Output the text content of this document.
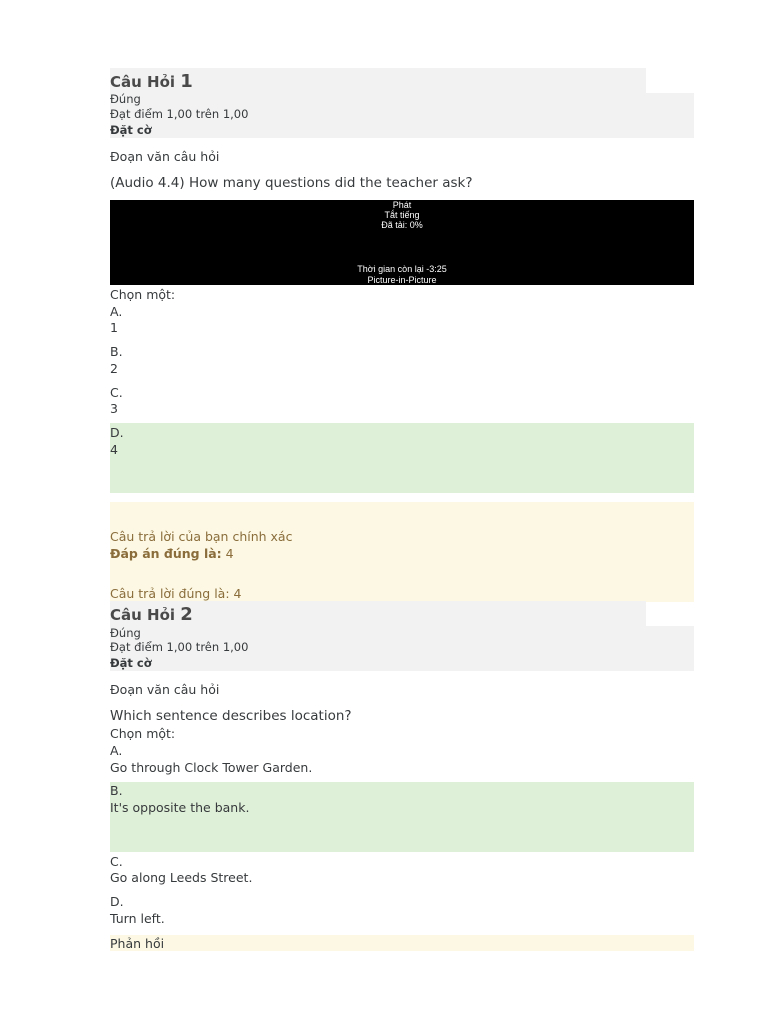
Câu Hỏi 1
Đúng
Đạt điểm 1,00 trên 1,00
Đặt cờ
Đoạn văn câu hỏi
(Audio 4.4) How many questions did the teacher ask?
Phát
Tắt tiếng
Đã tải: 0%
Thời gian còn lại -3:25
Picture-in-Picture
Chọn một:
A.
1
B.
2
C.
3
D.
4
Câu trả lời của bạn chính xác
Đáp án đúng là: 4
Câu trả lời đúng là: 4
Câu Hỏi 2
Đúng
Đạt điểm 1,00 trên 1,00
Đặt cờ
Đoạn văn câu hỏi
Which sentence describes location?
Chọn một:
A.
Go through Clock Tower Garden.
B.
It's opposite the bank.
C.
Go along Leeds Street.
D.
Turn left.
Phản hồi
